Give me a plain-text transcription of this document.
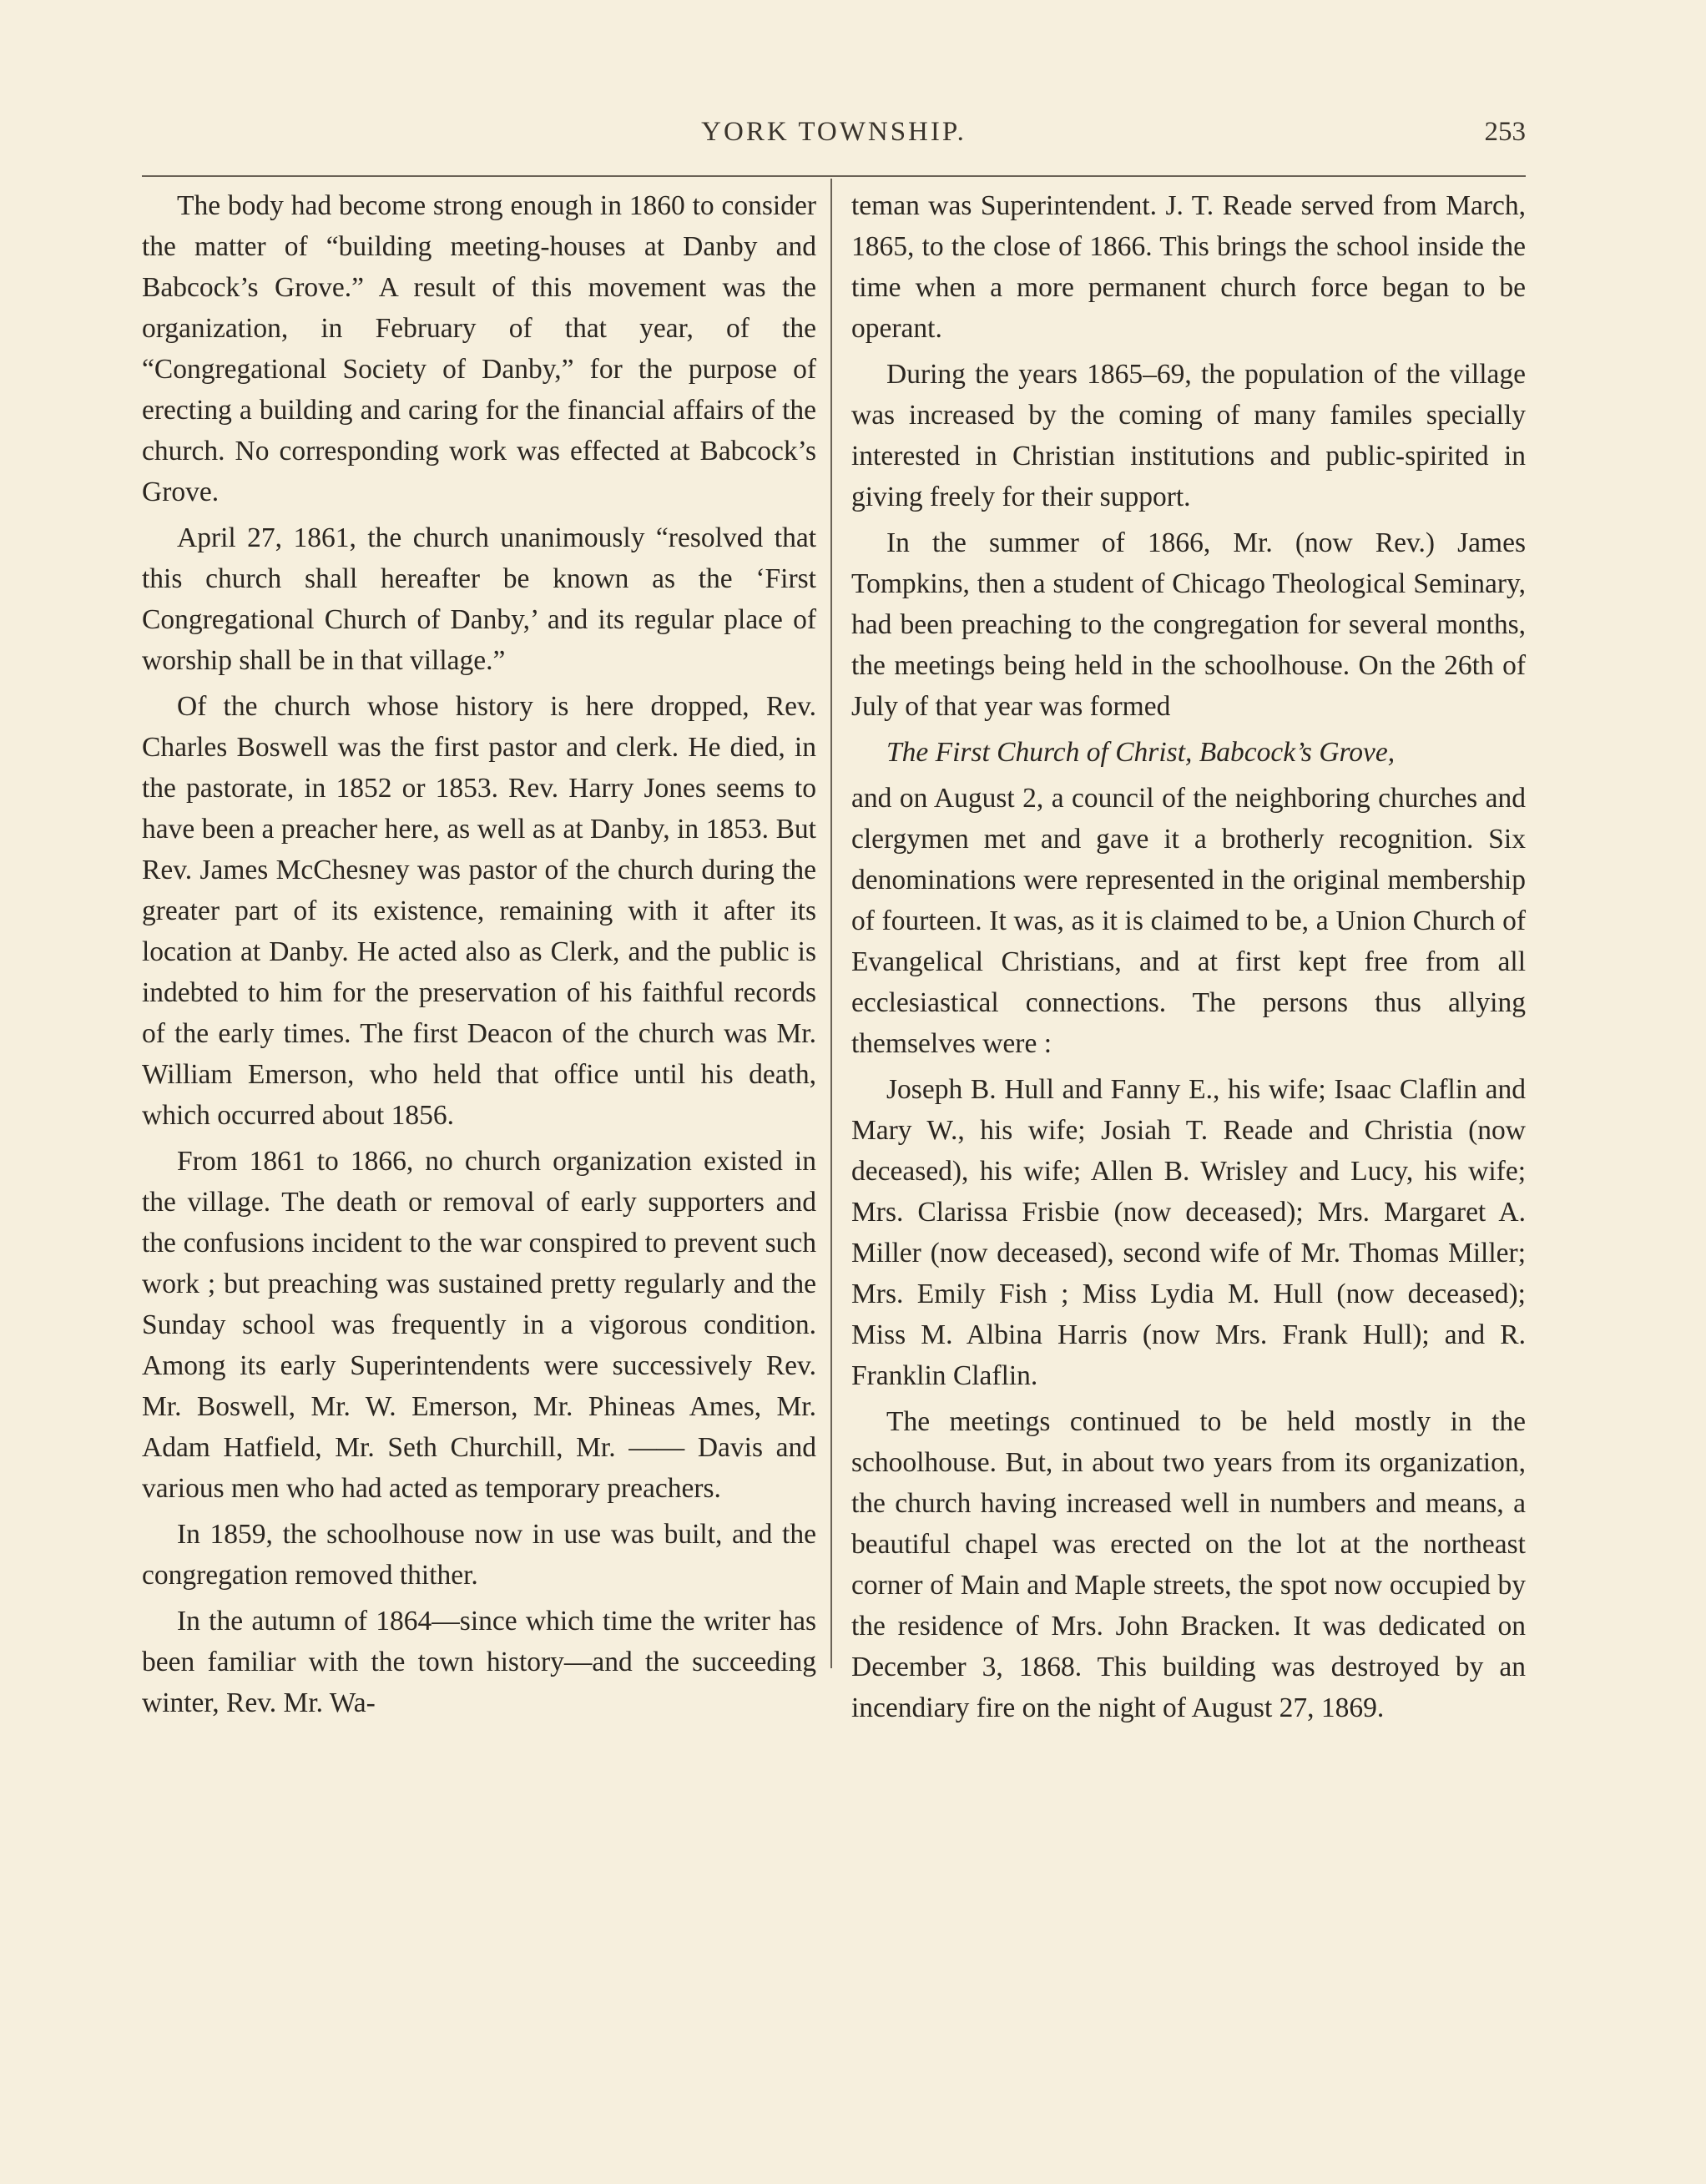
YORK TOWNSHIP.	253

The body had become strong enough in 1860 to consider the matter of “building meeting-houses at Danby and Babcock’s Grove.” A result of this movement was the organization, in February of that year, of the “Congregational Society of Danby,” for the purpose of erecting a building and caring for the financial affairs of the church. No corresponding work was effected at Babcock’s Grove.

April 27, 1861, the church unanimously “resolved that this church shall hereafter be known as the ‘First Congregational Church of Danby,’ and its regular place of worship shall be in that village.”

Of the church whose history is here dropped, Rev. Charles Boswell was the first pastor and clerk. He died, in the pastorate, in 1852 or 1853. Rev. Harry Jones seems to have been a preacher here, as well as at Danby, in 1853. But Rev. James McChesney was pastor of the church during the greater part of its existence, remaining with it after its location at Danby. He acted also as Clerk, and the public is indebted to him for the preservation of his faithful records of the early times. The first Deacon of the church was Mr. William Emerson, who held that office until his death, which occurred about 1856.

From 1861 to 1866, no church organization existed in the village. The death or removal of early supporters and the confusions incident to the war conspired to prevent such work ; but preaching was sustained pretty regularly and the Sunday school was frequently in a vigorous condition. Among its early Superintendents were successively Rev. Mr. Boswell, Mr. W. Emerson, Mr. Phineas Ames, Mr. Adam Hatfield, Mr. Seth Churchill, Mr. —— Davis and various men who had acted as temporary preachers.

In 1859, the schoolhouse now in use was built, and the congregation removed thither.

In the autumn of 1864—since which time the writer has been familiar with the town history—and the succeeding winter, Rev. Mr. Wa-

teman was Superintendent. J. T. Reade served from March, 1865, to the close of 1866. This brings the school inside the time when a more permanent church force began to be operant.

During the years 1865–69, the population of the village was increased by the coming of many familes specially interested in Christian institutions and public-spirited in giving freely for their support.

In the summer of 1866, Mr. (now Rev.) James Tompkins, then a student of Chicago Theological Seminary, had been preaching to the congregation for several months, the meetings being held in the schoolhouse. On the 26th of July of that year was formed

The First Church of Christ, Babcock’s Grove,

and on August 2, a council of the neighboring churches and clergymen met and gave it a brotherly recognition. Six denominations were represented in the original membership of fourteen. It was, as it is claimed to be, a Union Church of Evangelical Christians, and at first kept free from all ecclesiastical connections. The persons thus allying themselves were :

Joseph B. Hull and Fanny E., his wife; Isaac Claflin and Mary W., his wife; Josiah T. Reade and Christia (now deceased), his wife; Allen B. Wrisley and Lucy, his wife; Mrs. Clarissa Frisbie (now deceased); Mrs. Margaret A. Miller (now deceased), second wife of Mr. Thomas Miller; Mrs. Emily Fish ; Miss Lydia M. Hull (now deceased); Miss M. Albina Harris (now Mrs. Frank Hull); and R. Franklin Claflin.

The meetings continued to be held mostly in the schoolhouse. But, in about two years from its organization, the church having increased well in numbers and means, a beautiful chapel was erected on the lot at the northeast corner of Main and Maple streets, the spot now occupied by the residence of Mrs. John Bracken. It was dedicated on December 3, 1868. This building was destroyed by an incendiary fire on the night of August 27, 1869.
